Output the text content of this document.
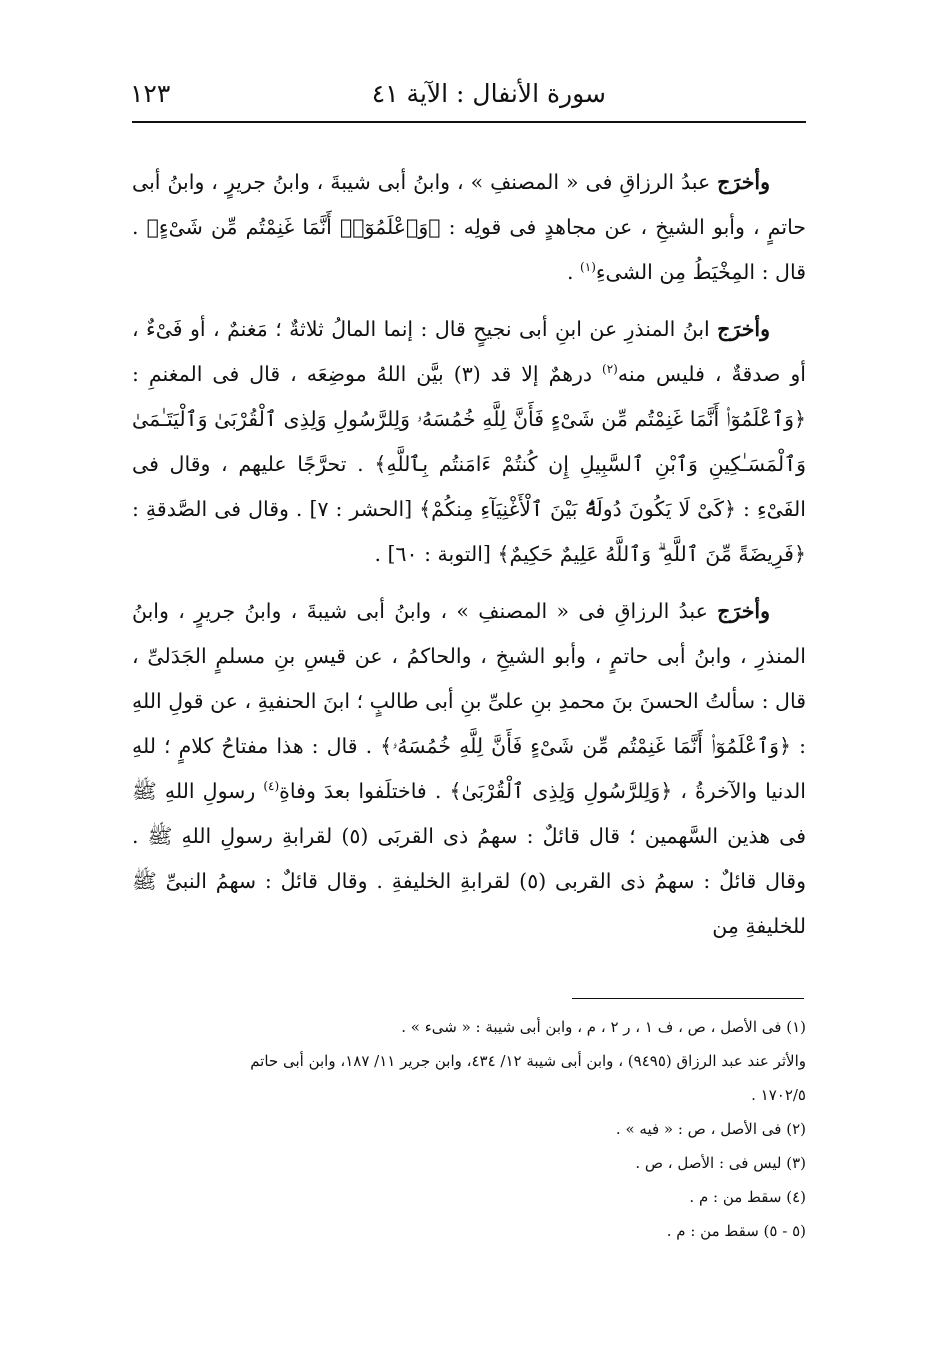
سورة الأنفال : الآية ٤١
١٢٣

وأخرَج عبدُ الرزاقِ فى « المصنفِ » ، وابنُ أبى شيبةَ ، وابنُ جريرٍ ، وابنُ أبى حاتمٍ ، وأبو الشيخِ ، عن مجاهدٍ فى قولِه : ﴿وَٱعْلَمُوٓا۟ أَنَّمَا غَنِمْتُم مِّن شَىْءٍ﴾ . قال : المِخْيَطُ مِن الشىءِ$^{(١)}$ .

وأخرَج ابنُ المنذرِ عن ابنِ أبى نجيحٍ قال : إنما المالُ ثلاثةٌ ؛ مَغنمٌ ، أو فَىْءٌ ، أو صدقةٌ ، فليس منه$^{(٢)}$ درهمٌ إلا قد (٣) بيَّن اللهُ موضِعَه ، قال فى المغنمِ : ﴿وَٱعْلَمُوٓا۟ أَنَّمَا غَنِمْتُم مِّن شَىْءٍ فَأَنَّ لِلَّهِ خُمُسَهُۥ وَلِلرَّسُولِ وَلِذِى ٱلْقُرْبَىٰ وَٱلْيَتَـٰمَىٰ وَٱلْمَسَـٰكِينِ وَٱبْنِ ٱلسَّبِيلِ إِن كُنتُمْ ءَامَنتُم بِٱللَّهِ﴾ . تحرَّجًا عليهم ، وقال فى الفَىْءِ : ﴿كَىْ لَا يَكُونَ دُولَةًۢ بَيْنَ ٱلْأَغْنِيَآءِ مِنكُمْ﴾ [الحشر : ٧] . وقال فى الصَّدقةِ : ﴿فَرِيضَةً مِّنَ ٱللَّهِ ۗ وَٱللَّهُ عَلِيمٌ حَكِيمٌ﴾ [التوبة : ٦٠] .

وأخرَج عبدُ الرزاقِ فى « المصنفِ » ، وابنُ أبى شيبةَ ، وابنُ جريرٍ ، وابنُ المنذرِ ، وابنُ أبى حاتمٍ ، وأبو الشيخِ ، والحاكمُ ، عن قيسِ بنِ مسلمٍ الجَدَلىِّ ، قال : سألتُ الحسنَ بنَ محمدِ بنِ علىِّ بنِ أبى طالبٍ ؛ ابنَ الحنفيةِ ، عن قولِ اللهِ : ﴿وَٱعْلَمُوٓا۟ أَنَّمَا غَنِمْتُم مِّن شَىْءٍ فَأَنَّ لِلَّهِ خُمُسَهُۥ﴾ . قال : هذا مفتاحُ كلامٍ ؛ للهِ الدنيا والآخرةُ ، ﴿وَلِلرَّسُولِ وَلِذِى ٱلْقُرْبَىٰ﴾ . فاختلَفوا بعدَ وفاةِ$^{(٤)}$ رسولِ اللهِ ﷺ فى هذين السَّهمين ؛ قال قائلٌ : سهمُ ذى القربَى (٥) لقرابةِ رسولِ اللهِ ﷺ . وقال قائلٌ : سهمُ ذى القربى (٥) لقرابةِ الخليفةِ . وقال قائلٌ : سهمُ النبىِّ ﷺ للخليفةِ مِن

(١) فى الأصل ، ص ، ف ١ ، ر ٢ ، م ، وابن أبى شيبة : « شىء » .

والأثر عند عبد الرزاق (٩٤٩٥) ، وابن أبى شيبة ١٢/ ٤٣٤، وابن جرير ١١/ ١٨٧، وابن أبى حاتم

١٧٠٢/٥ .

(٢) فى الأصل ، ص : « فيه » .

(٣) ليس فى : الأصل ، ص .

(٤) سقط من : م .

(٥ - ٥) سقط من : م .
